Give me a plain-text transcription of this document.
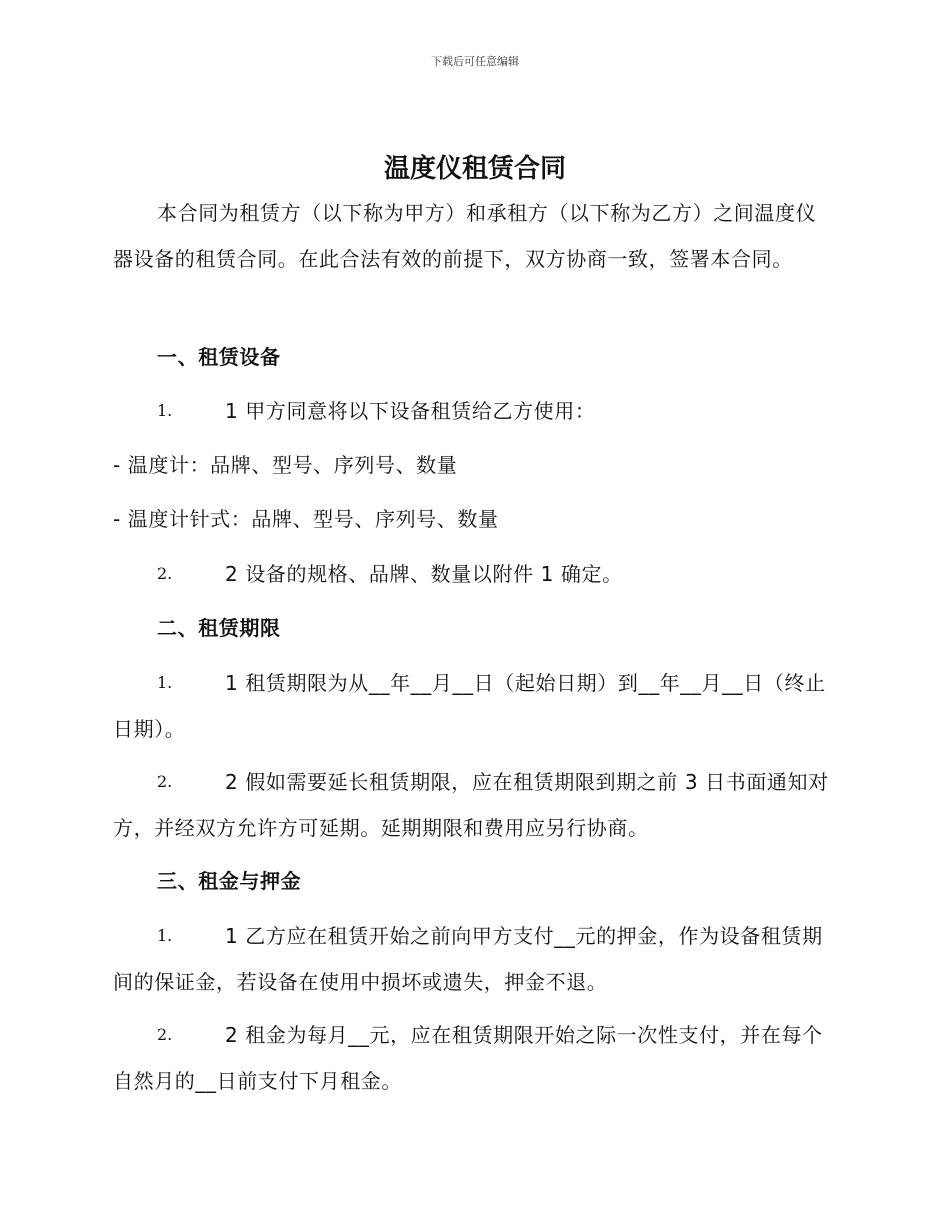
下载后可任意编辑
温度仪租赁合同

本合同为租赁方（以下称为甲方）和承租方（以下称为乙方）之间温度仪器设备的租赁合同。在此合法有效的前提下，双方协商一致，签署本合同。

一、租赁设备
1.	1 甲方同意将以下设备租赁给乙方使用：

- 温度计：品牌、型号、序列号、数量
- 温度计针式：品牌、型号、序列号、数量
2.	2 设备的规格、品牌、数量以附件 1 确定。

二、租赁期限
1.	1 租赁期限为从__年__月__日（起始日期）到__年__月__日（终止日期）。

2.	2 假如需要延长租赁期限，应在租赁期限到期之前 3 日书面通知对方，并经双方允许方可延期。延期期限和费用应另行协商。

三、租金与押金
1.	1 乙方应在租赁开始之前向甲方支付__元的押金，作为设备租赁期间的保证金，若设备在使用中损坏或遗失，押金不退。

2.	2 租金为每月__元，应在租赁期限开始之际一次性支付，并在每个自然月的__日前支付下月租金。
